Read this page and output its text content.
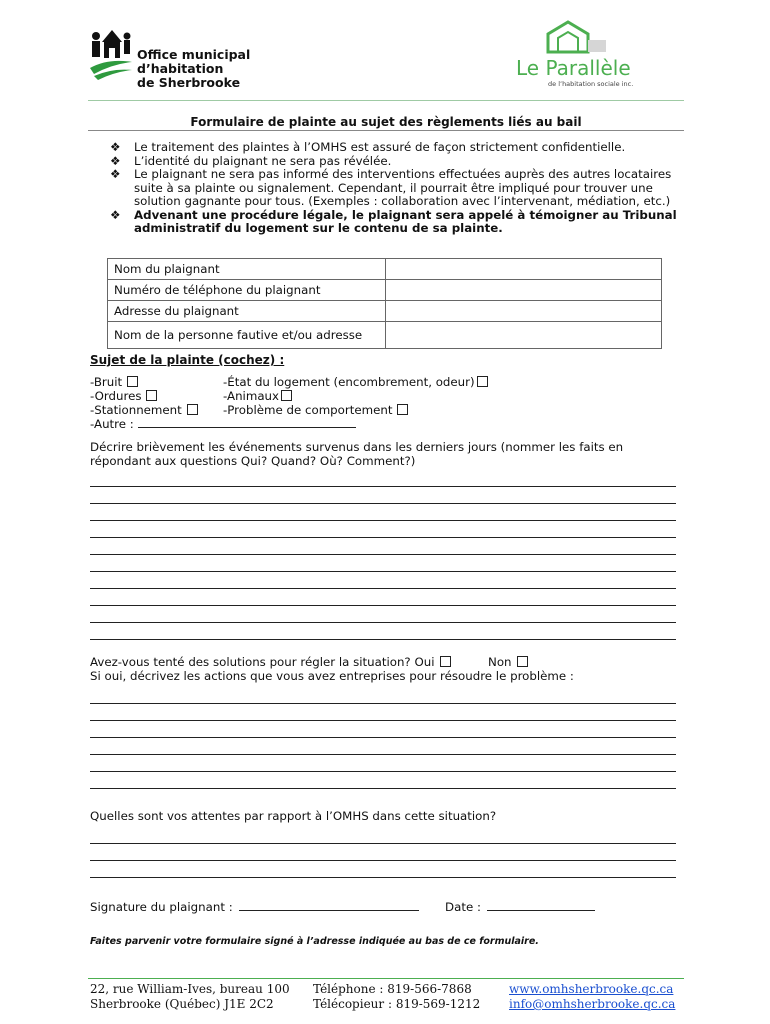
Office municipal
d’habitation
de Sherbrooke
Le Parallèle
de l’habitation sociale inc.
Formulaire de plainte au sujet des règlements liés au bail
❖ Le traitement des plaintes à l’OMHS est assuré de façon strictement confidentielle.
❖ L’identité du plaignant ne sera pas révélée.
❖ Le plaignant ne sera pas informé des interventions effectuées auprès des autres locataires suite à sa plainte ou signalement. Cependant, il pourrait être impliqué pour trouver une solution gagnante pour tous. (Exemples : collaboration avec l’intervenant, médiation, etc.)
❖ Advenant une procédure légale, le plaignant sera appelé à témoigner au Tribunal administratif du logement sur le contenu de sa plainte.
Nom du plaignant	
Numéro de téléphone du plaignant	
Adresse du plaignant	
Nom de la personne fautive et/ou adresse	
Sujet de la plainte (cochez) :
-Bruit	-État du logement (encombrement, odeur)
-Ordures	-Animaux
-Stationnement	-Problème de comportement
-Autre :
Décrire brièvement les événements survenus dans les derniers jours (nommer les faits en répondant aux questions Qui? Quand? Où? Comment?)
Avez-vous tenté des solutions pour régler la situation? Oui	Non
Si oui, décrivez les actions que vous avez entreprises pour résoudre le problème :
Quelles sont vos attentes par rapport à l’OMHS dans cette situation?
Signature du plaignant :	Date :
Faites parvenir votre formulaire signé à l’adresse indiquée au bas de ce formulaire.
22, rue William-Ives, bureau 100
Sherbrooke (Québec) J1E 2C2
Téléphone : 819-566-7868
Télécopieur : 819-569-1212
www.omhsherbrooke.qc.ca
info@omhsherbrooke.qc.ca
